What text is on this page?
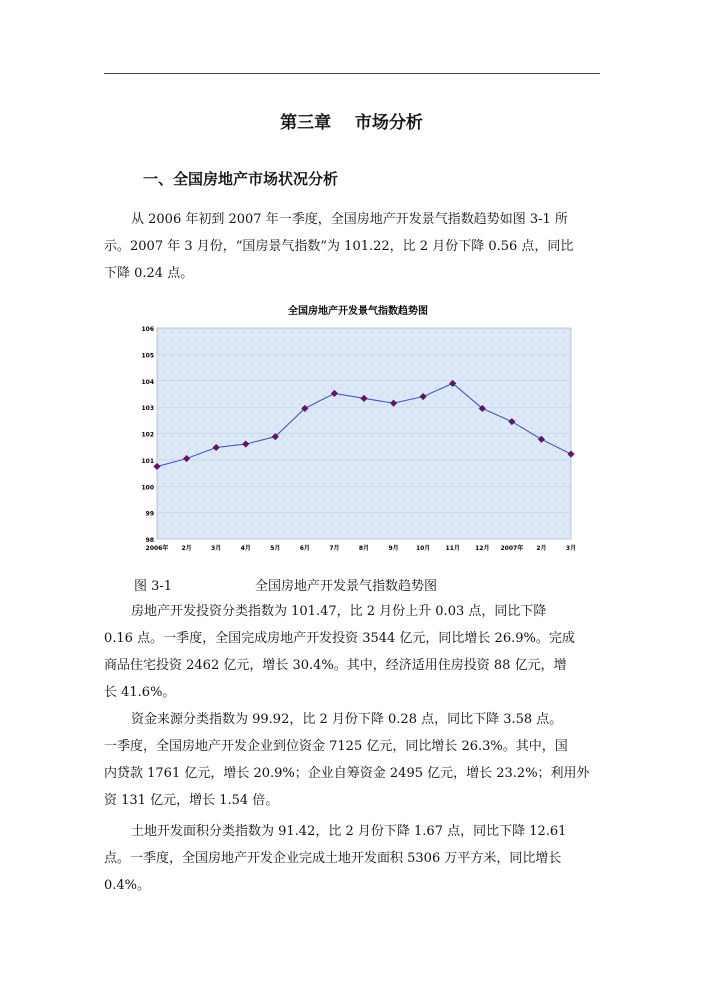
第三章    市场分析
一、全国房地产市场状况分析
从 2006 年初到 2007 年一季度，全国房地产开发景气指数趋势如图 3-1 所
示。2007 年 3 月份，“国房景气指数”为 101.22，比 2 月份下降 0.56 点，同比
下降 0.24 点。
全国房地产开发景气指数趋势图
106
105
104
103
102
101
100
99
98
2006年 2月	3月	4月	5月	6月	7月	8月	9月	10月	11月	12月 2007年 2月	3月
图 3-1	全国房地产开发景气指数趋势图
房地产开发投资分类指数为 101.47，比 2 月份上升 0.03 点，同比下降
0.16 点。一季度，全国完成房地产开发投资 3544 亿元，同比增长 26.9%。完成
商品住宅投资 2462 亿元，增长 30.4%。其中，经济适用住房投资 88 亿元，增
长 41.6%。
资金来源分类指数为 99.92，比 2 月份下降 0.28 点，同比下降 3.58 点。
一季度，全国房地产开发企业到位资金 7125 亿元，同比增长 26.3%。其中，国
内贷款 1761 亿元，增长 20.9%；企业自筹资金 2495 亿元，增长 23.2%；利用外
资 131 亿元，增长 1.54 倍。
土地开发面积分类指数为 91.42，比 2 月份下降 1.67 点，同比下降 12.61
点。一季度，全国房地产开发企业完成土地开发面积 5306 万平方米，同比增长
0.4%。
